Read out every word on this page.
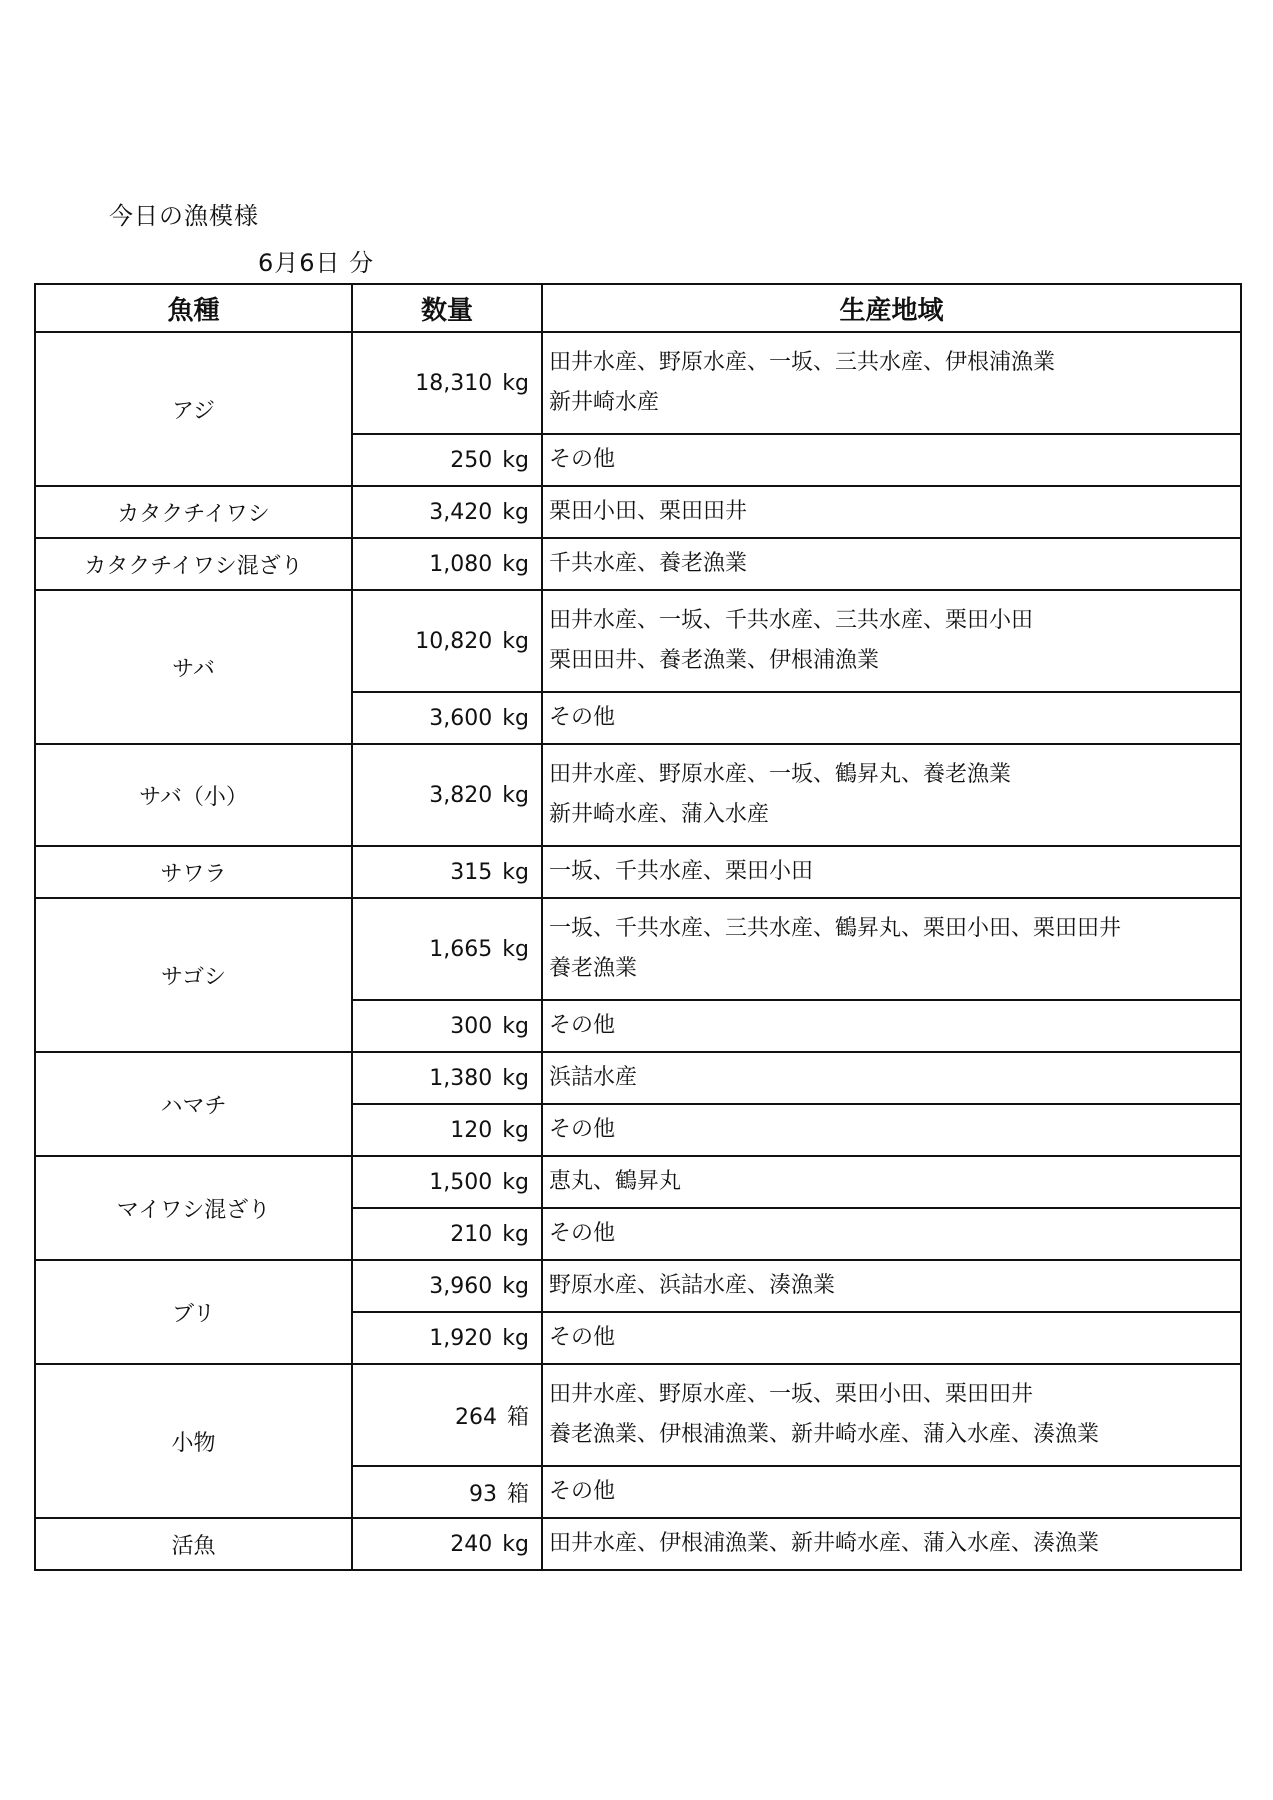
今日の漁模様
6月6日 分
魚種	数量	生産地域
アジ	18,310 kg	田井水産、野原水産、一坂、三共水産、伊根浦漁業
新井崎水産

	250 kg	その他

カタクチイワシ	3,420 kg	栗田小田、栗田田井

カタクチイワシ混ざり	1,080 kg	千共水産、養老漁業

サバ	10,820 kg	田井水産、一坂、千共水産、三共水産、栗田小田
栗田田井、養老漁業、伊根浦漁業

	3,600 kg	その他

サバ（小）	3,820 kg	田井水産、野原水産、一坂、鶴昇丸、養老漁業
新井崎水産、蒲入水産

サワラ	315 kg	一坂、千共水産、栗田小田

サゴシ	1,665 kg	一坂、千共水産、三共水産、鶴昇丸、栗田小田、栗田田井
養老漁業

	300 kg	その他

ハマチ	1,380 kg	浜詰水産

	120 kg	その他

マイワシ混ざり	1,500 kg	恵丸、鶴昇丸

	210 kg	その他

ブリ	3,960 kg	野原水産、浜詰水産、湊漁業

	1,920 kg	その他

小物	264 箱	田井水産、野原水産、一坂、栗田小田、栗田田井
養老漁業、伊根浦漁業、新井崎水産、蒲入水産、湊漁業

	93 箱	その他

活魚	240 kg	田井水産、伊根浦漁業、新井崎水産、蒲入水産、湊漁業
